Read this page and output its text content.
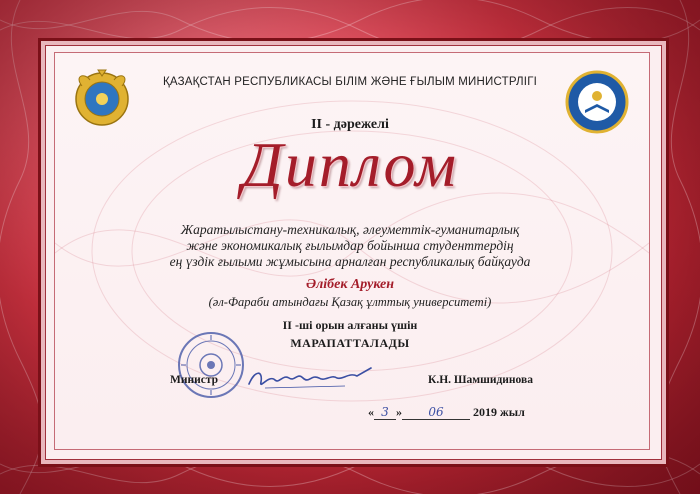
ҚАЗАҚСТАН РЕСПУБЛИКАСЫ БІЛІМ ЖӘНЕ ҒЫЛЫМ МИНИСТРЛІГІ
II - дәрежелі
Диплом
Жаратылыстану-техникалық, әлеуметтік-гуманитарлық
және экономикалық ғылымдар бойынша студенттердің
ең үздік ғылыми жұмысына арналған республикалық байқауда
Әлібек Арукен
(әл-Фараби атындағы Қазақ ұлттық университеті)
II -ші орын алғаны үшін
МАРАПАТТАЛАДЫ
Министр	К.Н. Шамшидинова
« 3 » 06 2019 жыл
